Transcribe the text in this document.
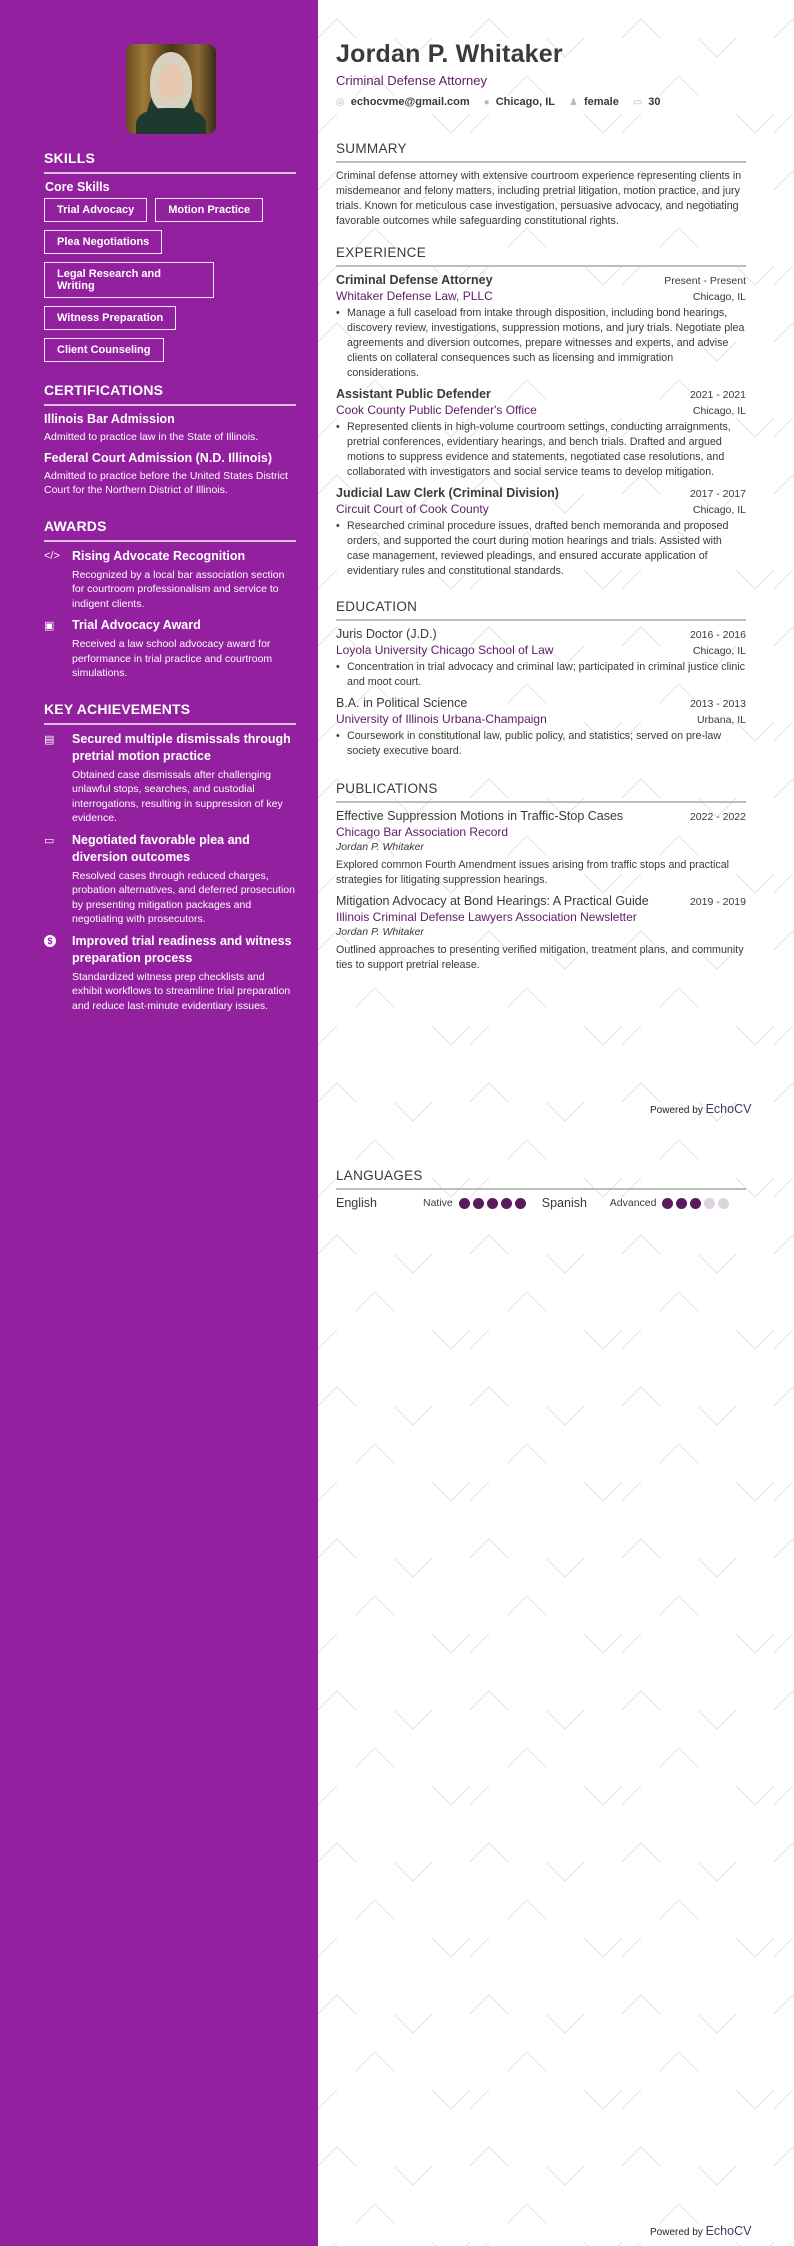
SKILLS
Core Skills
Trial Advocacy	Motion Practice
Plea Negotiations
Legal Research and Writing
Witness Preparation
Client Counseling
CERTIFICATIONS
Illinois Bar Admission
Admitted to practice law in the State of Illinois.
Federal Court Admission (N.D. Illinois)
Admitted to practice before the United States District Court for the Northern District of Illinois.
AWARDS
</> Rising Advocate Recognition
Recognized by a local bar association section for courtroom professionalism and service to indigent clients.
▣	Trial Advocacy Award
Received a law school advocacy award for performance in trial practice and courtroom simulations.
KEY ACHIEVEMENTS
▤	Secured multiple dismissals through pretrial motion practice
Obtained case dismissals after challenging unlawful stops, searches, and custodial interrogations, resulting in suppression of key evidence.
▭	Negotiated favorable plea and diversion outcomes
Resolved cases through reduced charges, probation alternatives, and deferred prosecution by presenting mitigation packages and negotiating with prosecutors.
$	Improved trial readiness and witness preparation process
Standardized witness prep checklists and exhibit workflows to streamline trial preparation and reduce last-minute evidentiary issues.
Jordan P. Whitaker
Criminal Defense Attorney
◎ echocvme@gmail.com ● Chicago, IL ♟ female ▭ 30
SUMMARY

Criminal defense attorney with extensive courtroom experience representing clients in misdemeanor and felony matters, including pretrial litigation, motion practice, and jury trials. Known for meticulous case investigation, persuasive advocacy, and negotiating favorable outcomes while safeguarding constitutional rights.

EXPERIENCE
Criminal Defense Attorney	Present - Present
Whitaker Defense Law, PLLC	Chicago, IL
• Manage a full caseload from intake through disposition, including bond hearings, discovery review, investigations, suppression motions, and jury trials. Negotiate plea agreements and diversion outcomes, prepare witnesses and experts, and advise clients on collateral consequences such as licensing and immigration considerations.
Assistant Public Defender	2021 - 2021
Cook County Public Defender's Office	Chicago, IL
• Represented clients in high-volume courtroom settings, conducting arraignments, pretrial conferences, evidentiary hearings, and bench trials. Drafted and argued motions to suppress evidence and statements, negotiated case resolutions, and collaborated with investigators and social service teams to develop mitigation.
Judicial Law Clerk (Criminal Division)	2017 - 2017
Circuit Court of Cook County	Chicago, IL
• Researched criminal procedure issues, drafted bench memoranda and proposed orders, and supported the court during motion hearings and trials. Assisted with case management, reviewed pleadings, and ensured accurate application of evidentiary rules and constitutional standards.
EDUCATION
Juris Doctor (J.D.)	2016 - 2016
Loyola University Chicago School of Law	Chicago, IL
• Concentration in trial advocacy and criminal law; participated in criminal justice clinic and moot court.
B.A. in Political Science	2013 - 2013
University of Illinois Urbana-Champaign	Urbana, IL
• Coursework in constitutional law, public policy, and statistics; served on pre-law society executive board.
PUBLICATIONS
Effective Suppression Motions in Traffic-Stop Cases	2022 - 2022
Chicago Bar Association Record
Jordan P. Whitaker
Explored common Fourth Amendment issues arising from traffic stops and practical strategies for litigating suppression hearings.
Mitigation Advocacy at Bond Hearings: A Practical Guide	2019 - 2019
Illinois Criminal Defense Lawyers Association Newsletter
Jordan P. Whitaker
Outlined approaches to presenting verified mitigation, treatment plans, and community ties to support pretrial release.
Powered by EchoCV
LANGUAGES
English	Native	Spanish	Advanced
Powered by EchoCV
